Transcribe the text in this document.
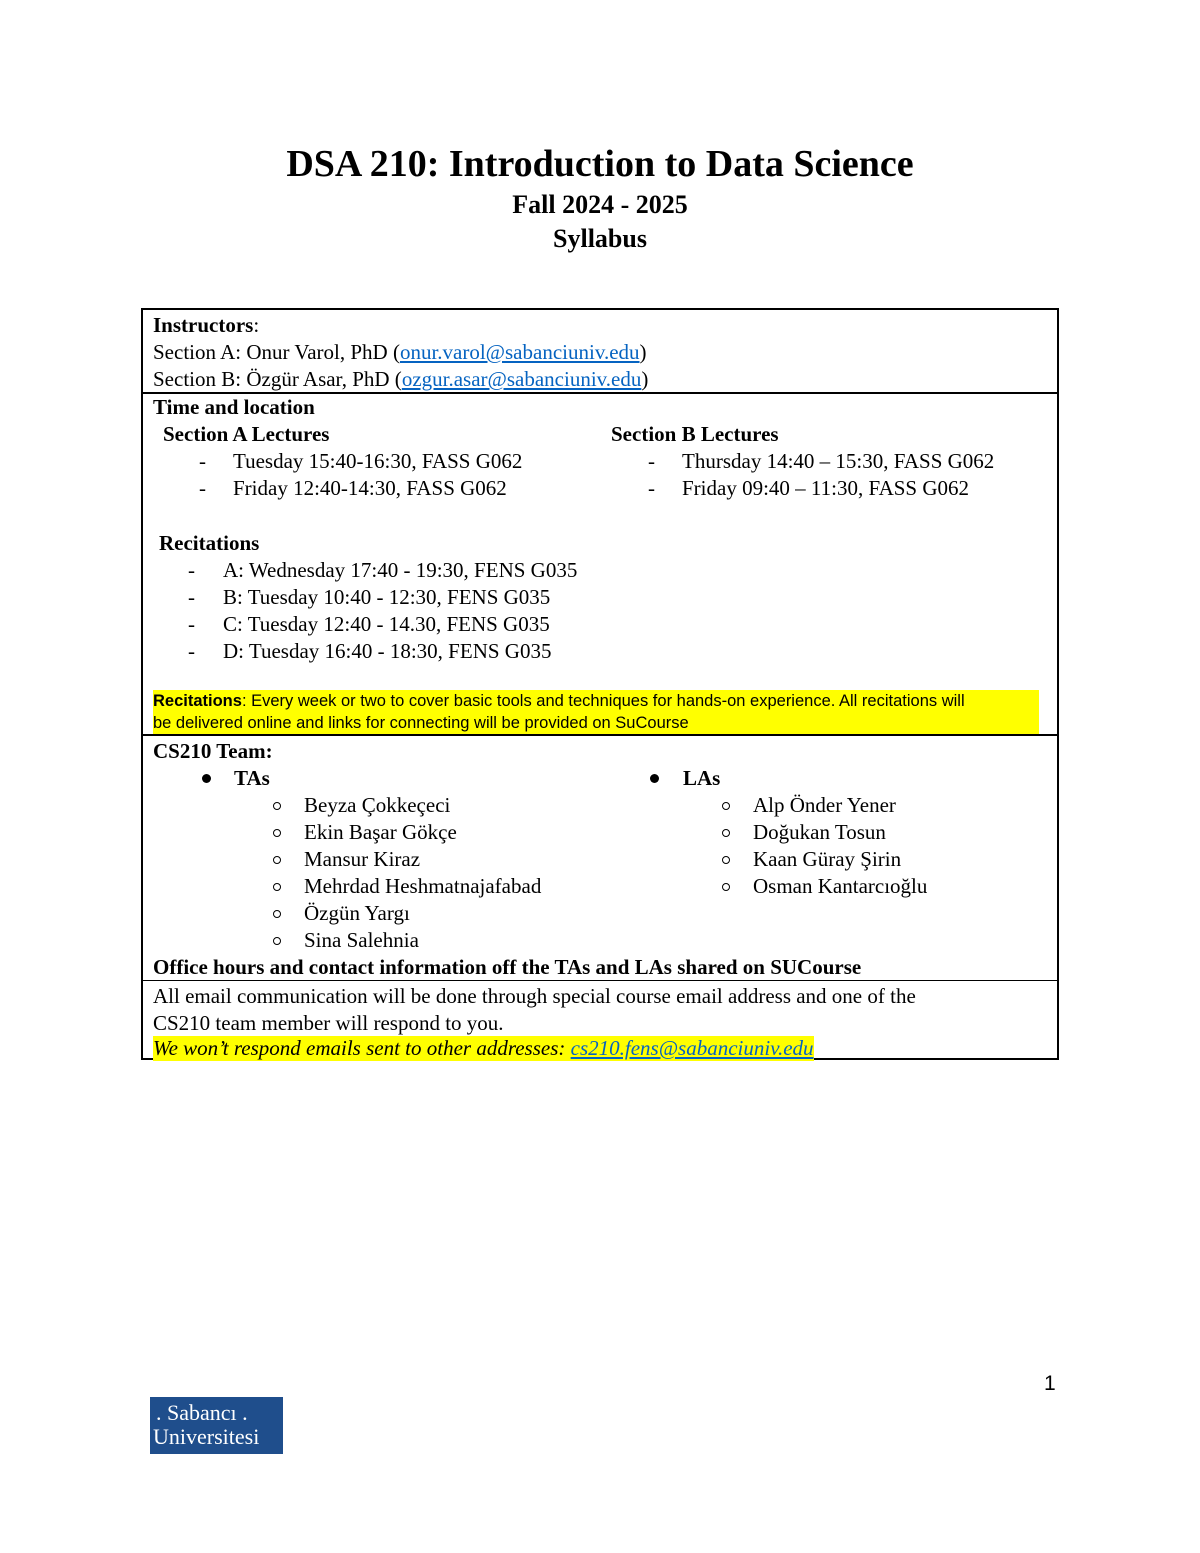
DSA 210: Introduction to Data Science
Fall 2024 - 2025
Syllabus
Instructors:
Section A: Onur Varol, PhD (onur.varol@sabanciuniv.edu)
Section B: Özgür Asar, PhD (ozgur.asar@sabanciuniv.edu)
Time and location
Section A Lectures
- Tuesday 15:40-16:30, FASS G062
- Friday 12:40-14:30, FASS G062
Section B Lectures
- Thursday 14:40 – 15:30, FASS G062
- Friday 09:40 – 11:30, FASS G062
Recitations
- A: Wednesday 17:40 - 19:30, FENS G035
- B: Tuesday 10:40 - 12:30, FENS G035
- C: Tuesday 12:40 - 14.30, FENS G035
- D: Tuesday 16:40 - 18:30, FENS G035
Recitations: Every week or two to cover basic tools and techniques for hands-on experience. All recitations will
be delivered online and links for connecting will be provided on SuCourse
CS210 Team:
TAs
Beyza Çokkeçeci
Ekin Başar Gökçe
Mansur Kiraz
Mehrdad Heshmatnajafabad
Özgün Yargı
Sina Salehnia
LAs
Alp Önder Yener
Doğukan Tosun
Kaan Güray Şirin
Osman Kantarcıoğlu
Office hours and contact information off the TAs and LAs shared on SUCourse
All email communication will be done through special course email address and one of the
CS210 team member will respond to you.
We won’t respond emails sent to other addresses: cs210.fens@sabanciuniv.edu
1
. Sabancı .
Universitesi
